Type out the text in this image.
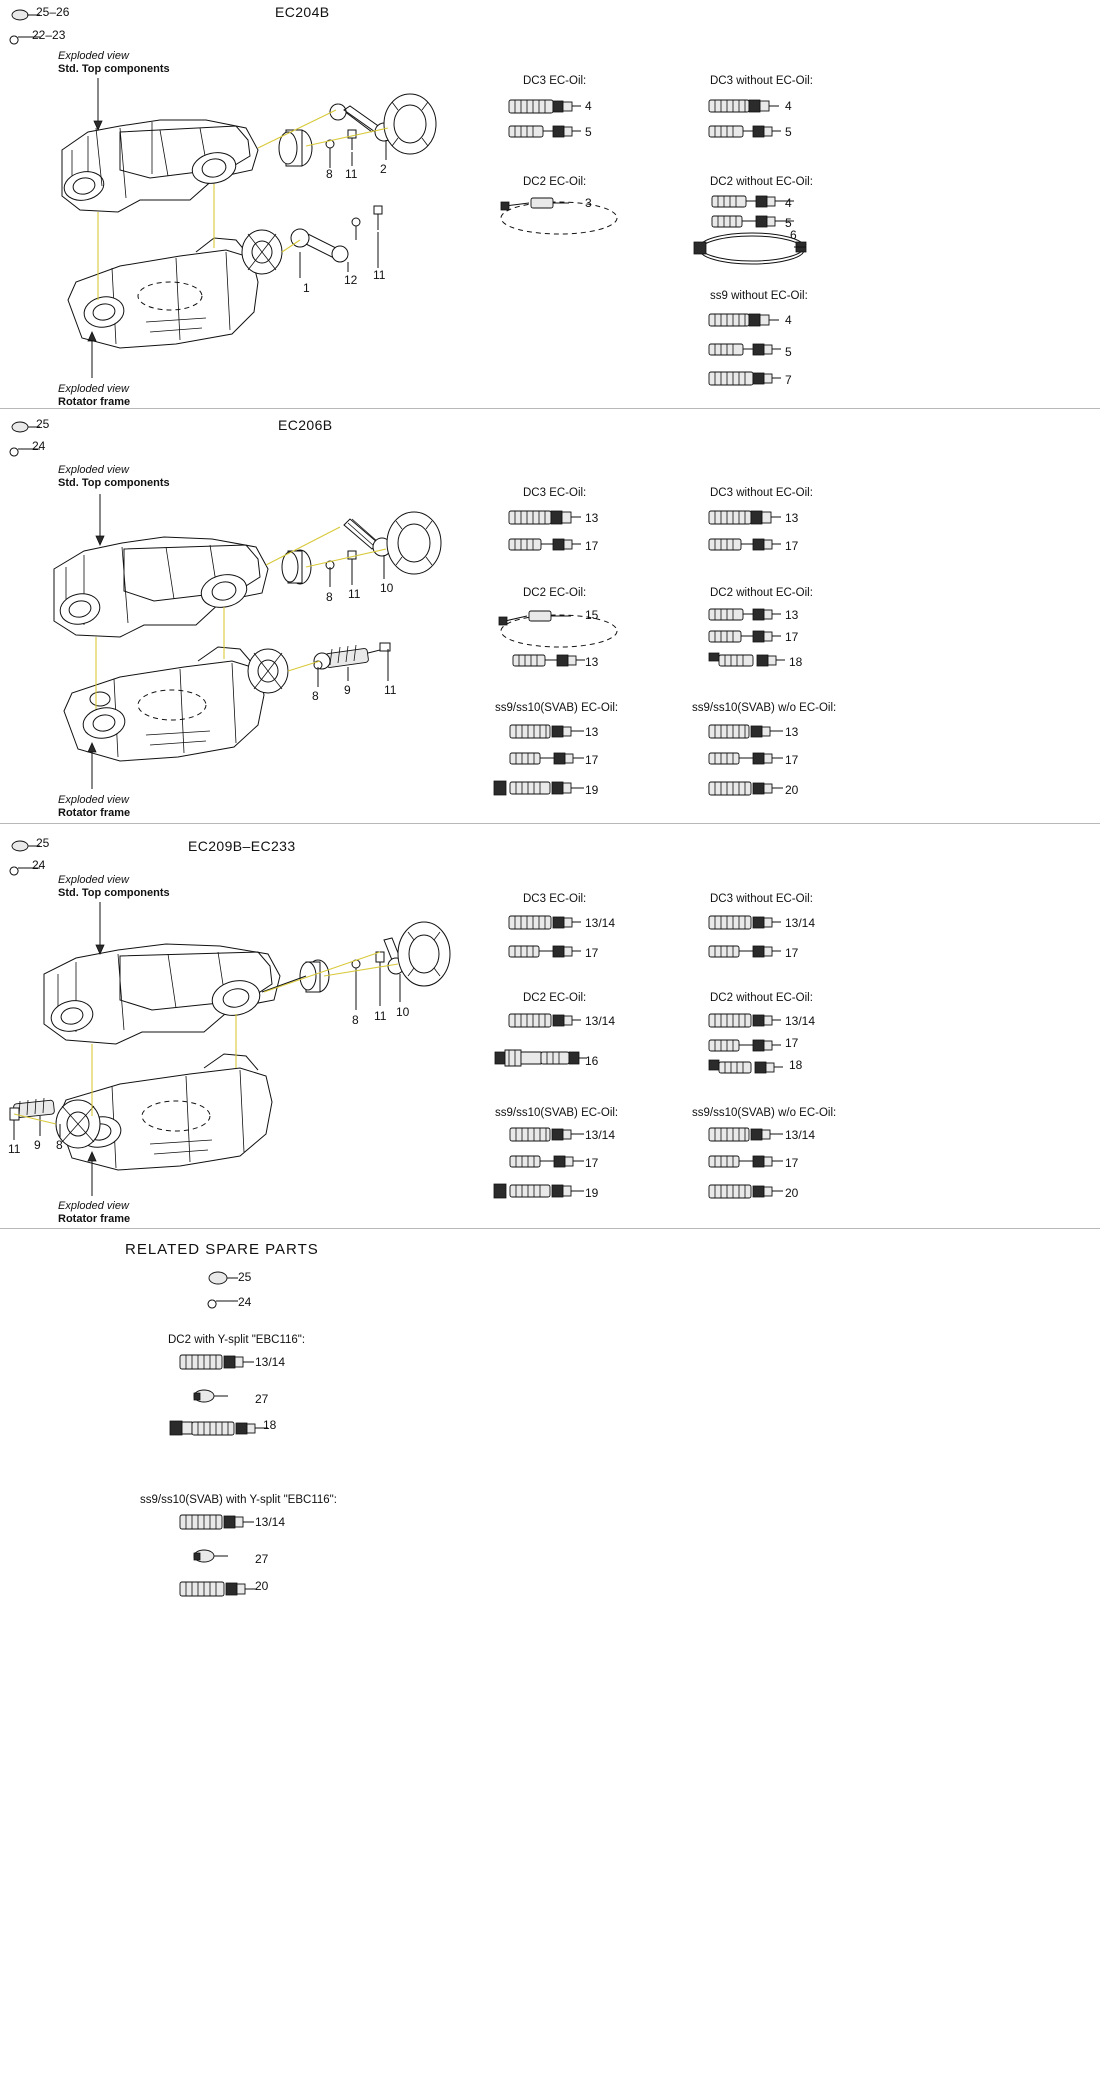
EC204B
25–26
22–23
Exploded view
Std. Top components
Exploded view
Rotator frame
8 11 2
1
12 11
DC3 EC-Oil:
4
5
DC3 without EC-Oil:
4
5
DC2 EC-Oil:
3
DC2 without EC-Oil:
4
5
6
ss9 without EC-Oil:
4
5
7
EC206B
25
24
Exploded view
Std. Top components
Exploded view
Rotator frame
8 11 10
8 9	11
DC3 EC-Oil:
13
17
DC3 without EC-Oil:
13
17
DC2 EC-Oil:
15
13
DC2 without EC-Oil:
13
17
18
ss9/ss10(SVAB) EC-Oil:
13
17
19
ss9/ss10(SVAB) w/o EC-Oil:
13
17
20
EC209B–EC233
25
24
Exploded view
Std. Top components
Exploded view
Rotator frame
8 11 10
11 9 8
DC3 EC-Oil:
13/14
17
DC3 without EC-Oil:
13/14
17
DC2 EC-Oil:
13/14
16
DC2 without EC-Oil:
13/14
17
18
ss9/ss10(SVAB) EC-Oil:
13/14
17
19
ss9/ss10(SVAB) w/o EC-Oil:
13/14
17
20
RELATED SPARE PARTS
25
24
DC2 with Y-split "EBC116":
13/14
27
18
ss9/ss10(SVAB) with Y-split "EBC116":
13/14
27
20
